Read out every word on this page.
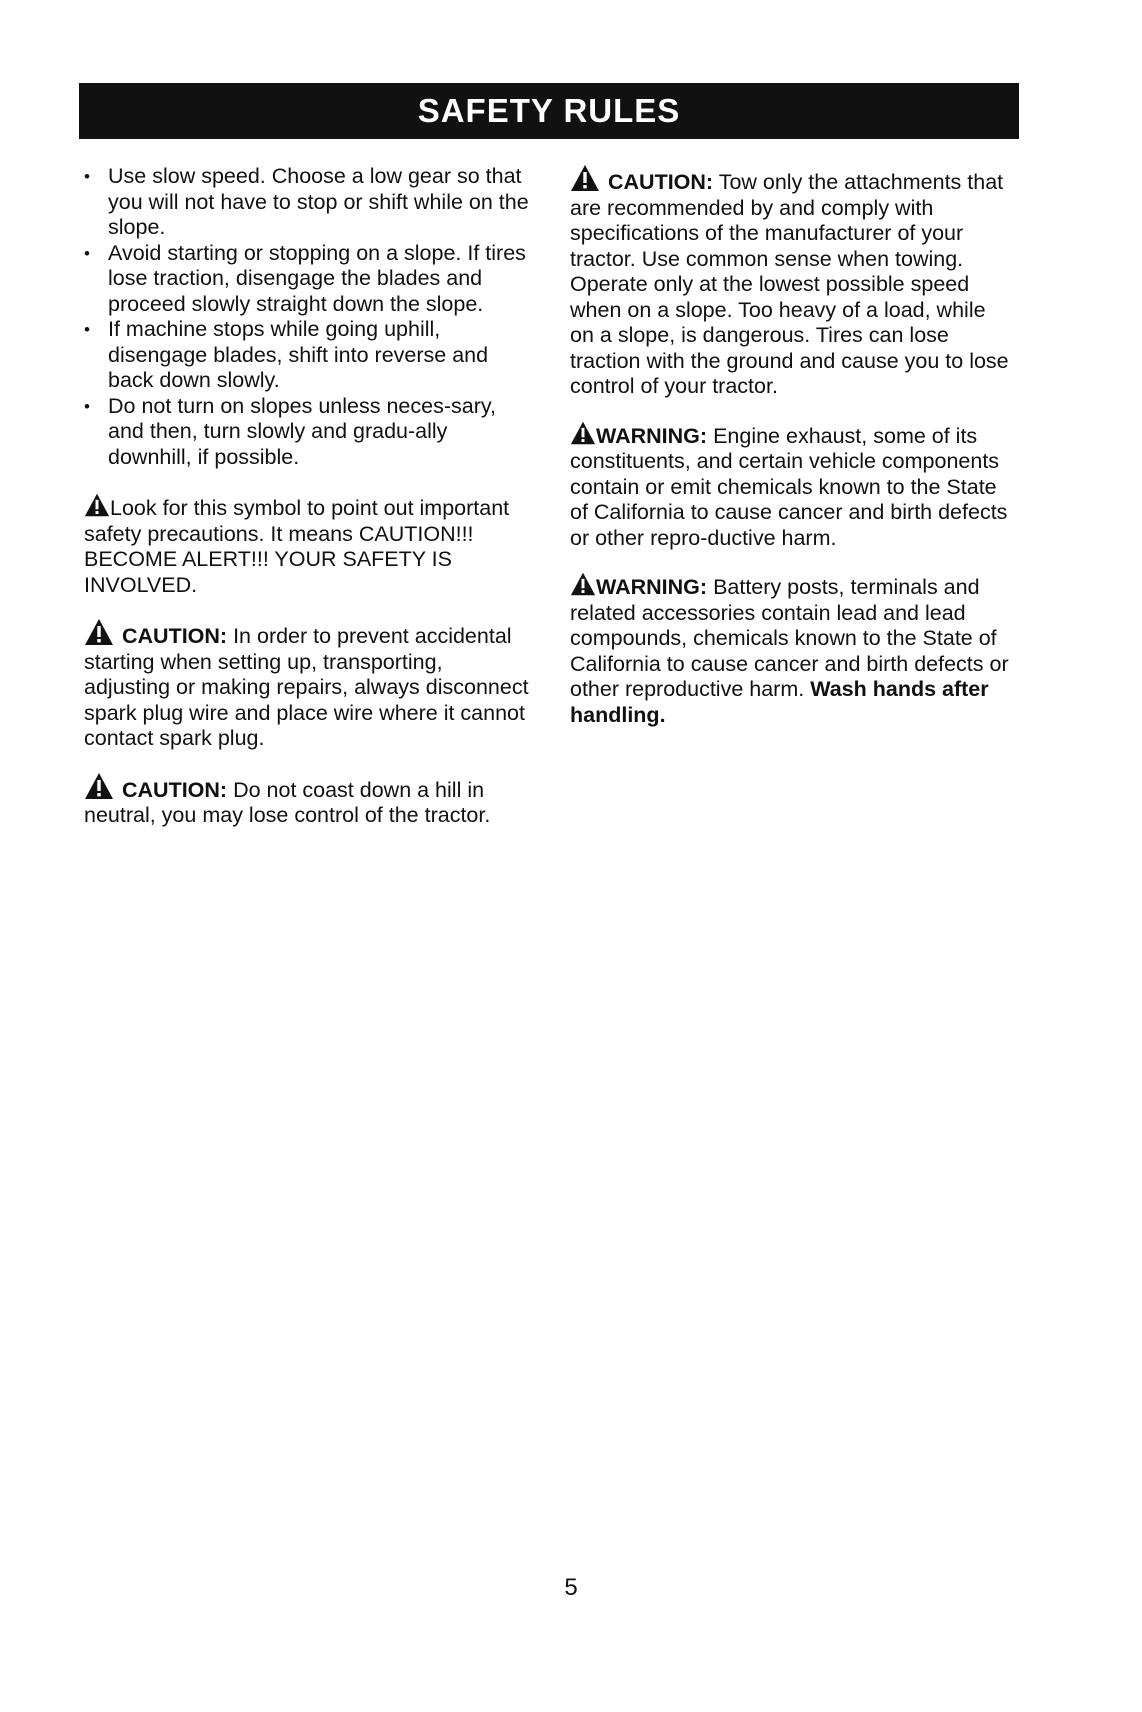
SAFETY RULES
• Use slow speed. Choose a low gear so that you will not have to stop or shift while on the slope.
• Avoid starting or stopping on a slope. If tires lose traction, disengage the blades and proceed slowly straight down the slope.
• If machine stops while going uphill, disengage blades, shift into reverse and back down slowly.
• Do not turn on slopes unless neces-sary, and then, turn slowly and gradu-ally downhill, if possible.

Look for this symbol to point out important safety precautions. It means CAUTION!!! BECOME ALERT!!! YOUR SAFETY IS INVOLVED.

CAUTION: In order to prevent accidental starting when setting up, transporting, adjusting or making repairs, always disconnect spark plug wire and place wire where it cannot contact spark plug.

CAUTION: Do not coast down a hill in neutral, you may lose control of the tractor.

CAUTION: Tow only the attachments that are recommended by and comply with specifications of the manufacturer of your tractor. Use common sense when towing. Operate only at the lowest possible speed when on a slope. Too heavy of a load, while on a slope, is dangerous. Tires can lose traction with the ground and cause you to lose control of your tractor.

WARNING: Engine exhaust, some of its constituents, and certain vehicle components contain or emit chemicals known to the State of California to cause cancer and birth defects or other repro-ductive harm.

WARNING: Battery posts, terminals and related accessories contain lead and lead compounds, chemicals known to the State of California to cause cancer and birth defects or other reproductive harm. Wash hands after handling.

5
